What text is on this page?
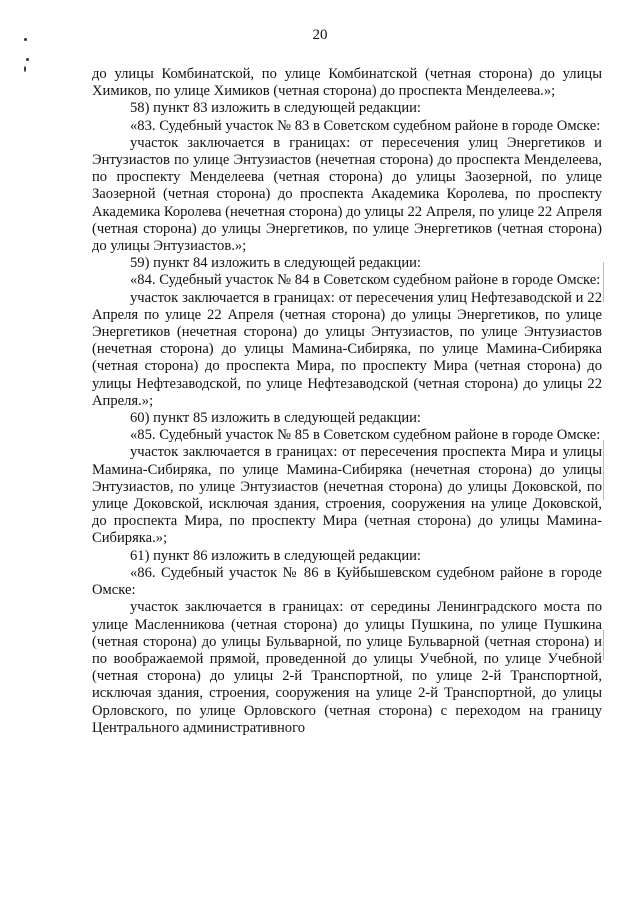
20

до улицы Комбинатской, по улице Комбинатской (четная сторона) до улицы Химиков, по улице Химиков (четная сторона) до проспекта Менделеева.»;

58) пункт 83 изложить в следующей редакции:

«83. Судебный участок № 83 в Советском судебном районе в городе Омске:

участок заключается в границах: от пересечения улиц Энергетиков и Энтузиастов по улице Энтузиастов (нечетная сторона) до проспекта Менделеева, по проспекту Менделеева (четная сторона) до улицы Заозерной, по улице Заозерной (четная сторона) до проспекта Академика Королева, по проспекту Академика Королева (нечетная сторона) до улицы 22 Апреля, по улице 22 Апреля (четная сторона) до улицы Энергетиков, по улице Энергетиков (четная сторона) до улицы Энтузиастов.»;

59) пункт 84 изложить в следующей редакции:

«84. Судебный участок № 84 в Советском судебном районе в городе Омске:

участок заключается в границах: от пересечения улиц Нефтезаводской и 22 Апреля по улице 22 Апреля (четная сторона) до улицы Энергетиков, по улице Энергетиков (нечетная сторона) до улицы Энтузиастов, по улице Энтузиастов (нечетная сторона) до улицы Мамина-Сибиряка, по улице Мамина-Сибиряка (четная сторона) до проспекта Мира, по проспекту Мира (четная сторона) до улицы Нефтезаводской, по улице Нефтезаводской (четная сторона) до улицы 22 Апреля.»;

60) пункт 85 изложить в следующей редакции:

«85. Судебный участок № 85 в Советском судебном районе в городе Омске:

участок заключается в границах: от пересечения проспекта Мира и улицы Мамина-Сибиряка, по улице Мамина-Сибиряка (нечетная сторона) до улицы Энтузиастов, по улице Энтузиастов (нечетная сторона) до улицы Доковской, по улице Доковской, исключая здания, строения, сооружения на улице Доковской, до проспекта Мира, по проспекту Мира (четная сторона) до улицы Мамина-Сибиряка.»;

61) пункт 86 изложить в следующей редакции:

«86. Судебный участок № 86 в Куйбышевском судебном районе в городе Омске:

участок заключается в границах: от середины Ленинградского моста по улице Масленникова (четная сторона) до улицы Пушкина, по улице Пушкина (четная сторона) до улицы Бульварной, по улице Бульварной (четная сторона) и по воображаемой прямой, проведенной до улицы Учебной, по улице Учебной (четная сторона) до улицы 2-й Транспортной, по улице 2-й Транспортной, исключая здания, строения, сооружения на улице 2-й Транспортной, до улицы Орловского, по улице Орловского (четная сторона) с переходом на границу Центрального административного
